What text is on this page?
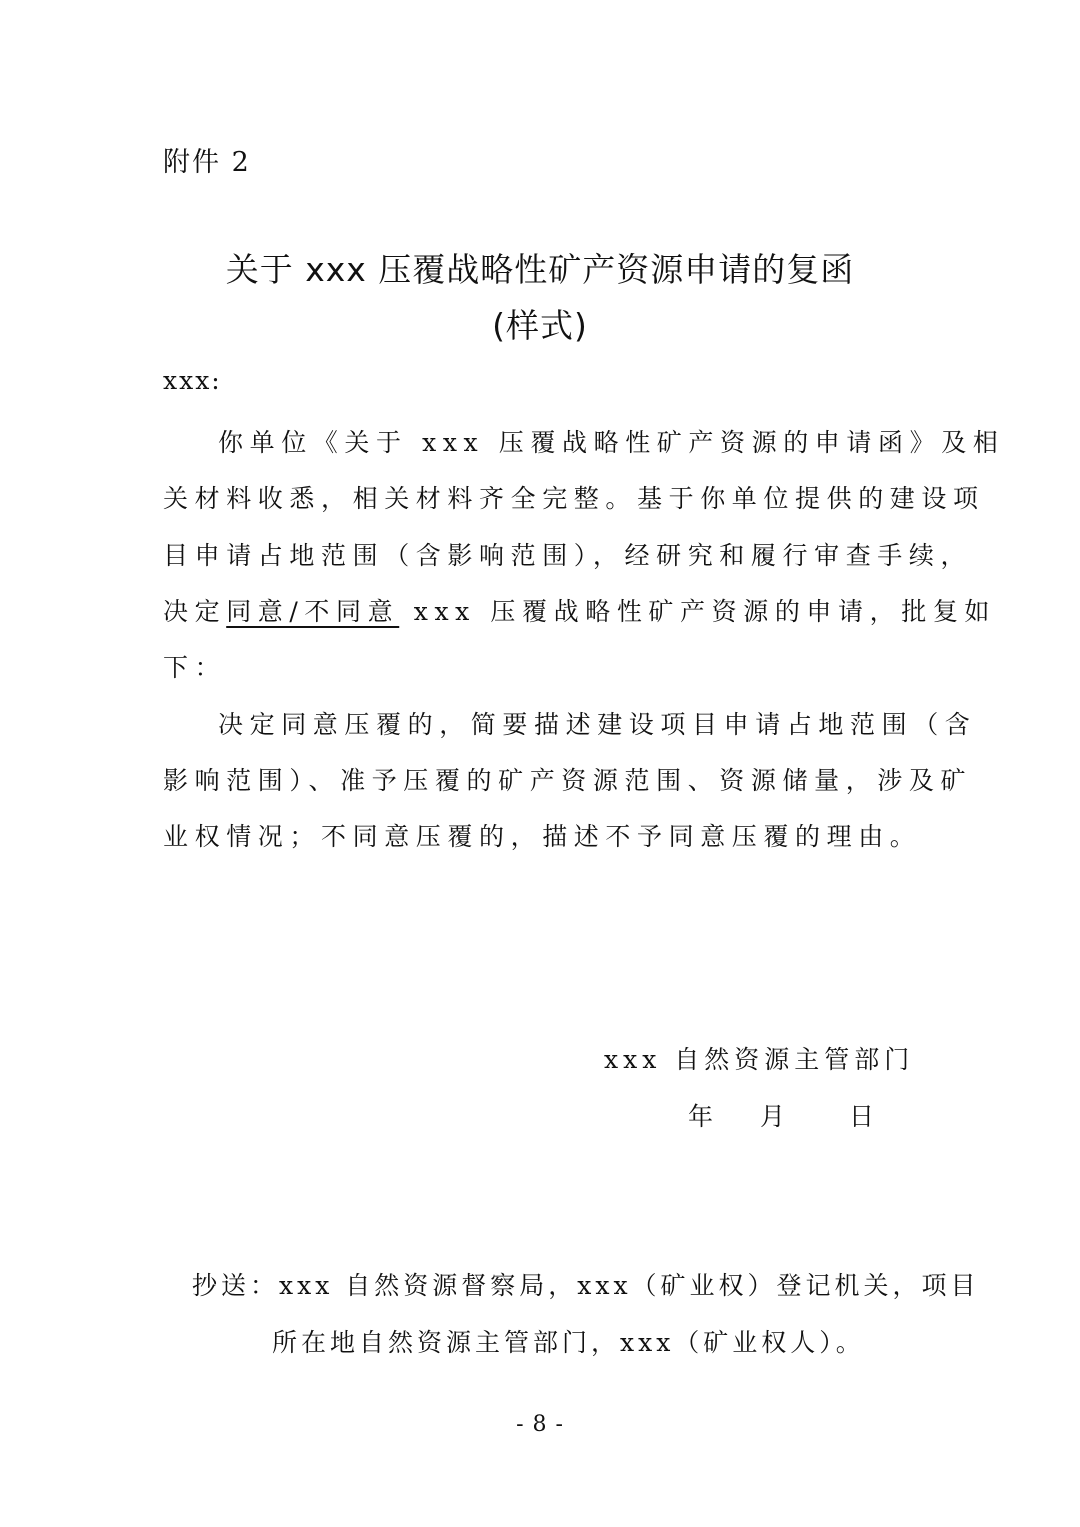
附件 2
关于 xxx 压覆战略性矿产资源申请的复函
(样式)
xxx:
你单位《关于 xxx 压覆战略性矿产资源的申请函》及相
关材料收悉，相关材料齐全完整。基于你单位提供的建设项
目申请占地范围（含影响范围），经研究和履行审查手续，
决定同意/不同意 xxx 压覆战略性矿产资源的申请，批复如
下：
决定同意压覆的，简要描述建设项目申请占地范围（含
影响范围）、准予压覆的矿产资源范围、资源储量，涉及矿
业权情况；不同意压覆的，描述不予同意压覆的理由。
xxx 自然资源主管部门
年 月	日
抄送：xxx 自然资源督察局，xxx（矿业权）登记机关，项目
所在地自然资源主管部门，xxx（矿业权人）。
- 8 -
